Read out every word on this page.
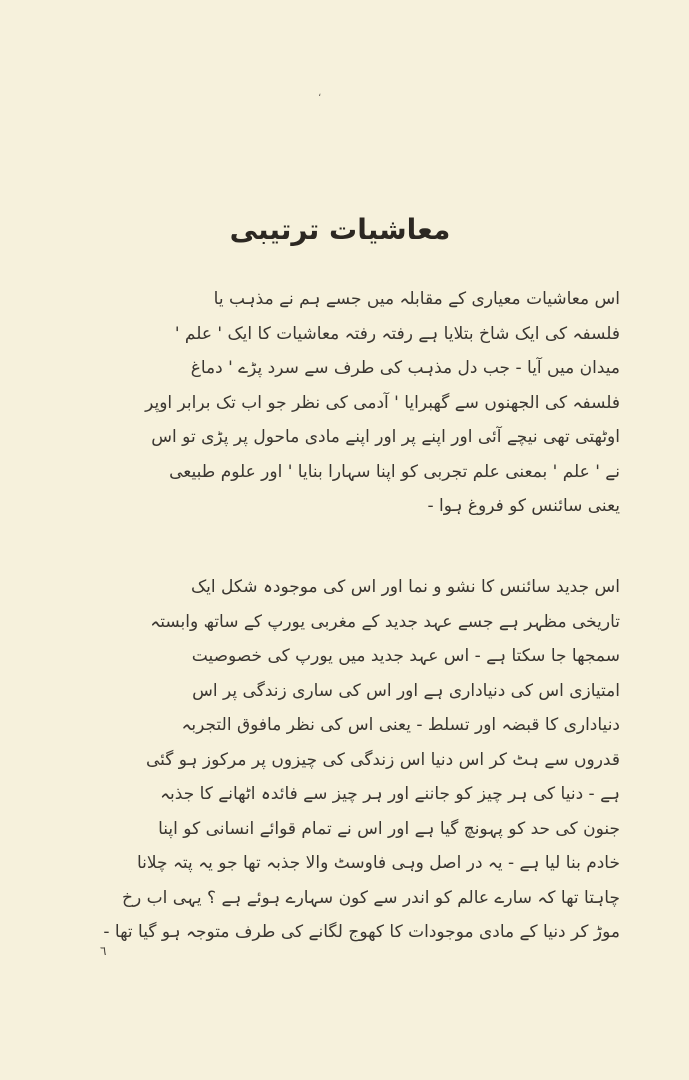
،
معاشیات ترتیبی
اس معاشیات معیاری کے مقابلہ میں جسے ہم نے مذہب یا
فلسفہ کی ایک شاخ بتلایا ہے رفتہ رفتہ معاشیات کا ایک ' علم '
میدان میں آیا - جب دل مذہب کی طرف سے سرد پڑے ' دماغ
فلسفہ کی الجھنوں سے گھبرایا ' آدمی کی نظر جو اب تک برابر اوپر
اوٹھتی تھی نیچے آئی اور اپنے پر اور اپنے مادی ماحول پر پڑی تو اس
نے ' علم ' بمعنی علم تجربی کو اپنا سہارا بنایا ' اور علوم طبیعی
یعنی سائنس کو فروغ ہوا -
اس جدید سائنس کا نشو و نما اور اس کی موجودہ شکل ایک
تاریخی مظہر ہے جسے عہد جدید کے مغربی یورپ کے ساتھ وابستہ
سمجھا جا سکتا ہے - اس عہد جدید میں یورپ کی خصوصیت
امتیازی اس کی دنیاداری ہے اور اس کی ساری زندگی پر اس
دنیاداری کا قبضہ اور تسلط - یعنی اس کی نظر مافوق التجربہ
قدروں سے ہٹ کر اس دنیا اس زندگی کی چیزوں پر مرکوز ہو گئی
ہے - دنیا کی ہر چیز کو جاننے اور ہر چیز سے فائدہ اٹھانے کا جذبہ
جنون کی حد کو پہونچ گیا ہے اور اس نے تمام قوائے انسانی کو اپنا
خادم بنا لیا ہے - یہ در اصل وہی فاوسٹ والا جذبہ تھا جو یہ پتہ چلانا
چاہتا تھا کہ سارے عالم کو اندر سے کون سہارے ہوئے ہے ؟ یہی اب رخ
موڑ کر دنیا کے مادی موجودات کا کھوج لگانے کی طرف متوجہ ہو گیا تھا -
٦
